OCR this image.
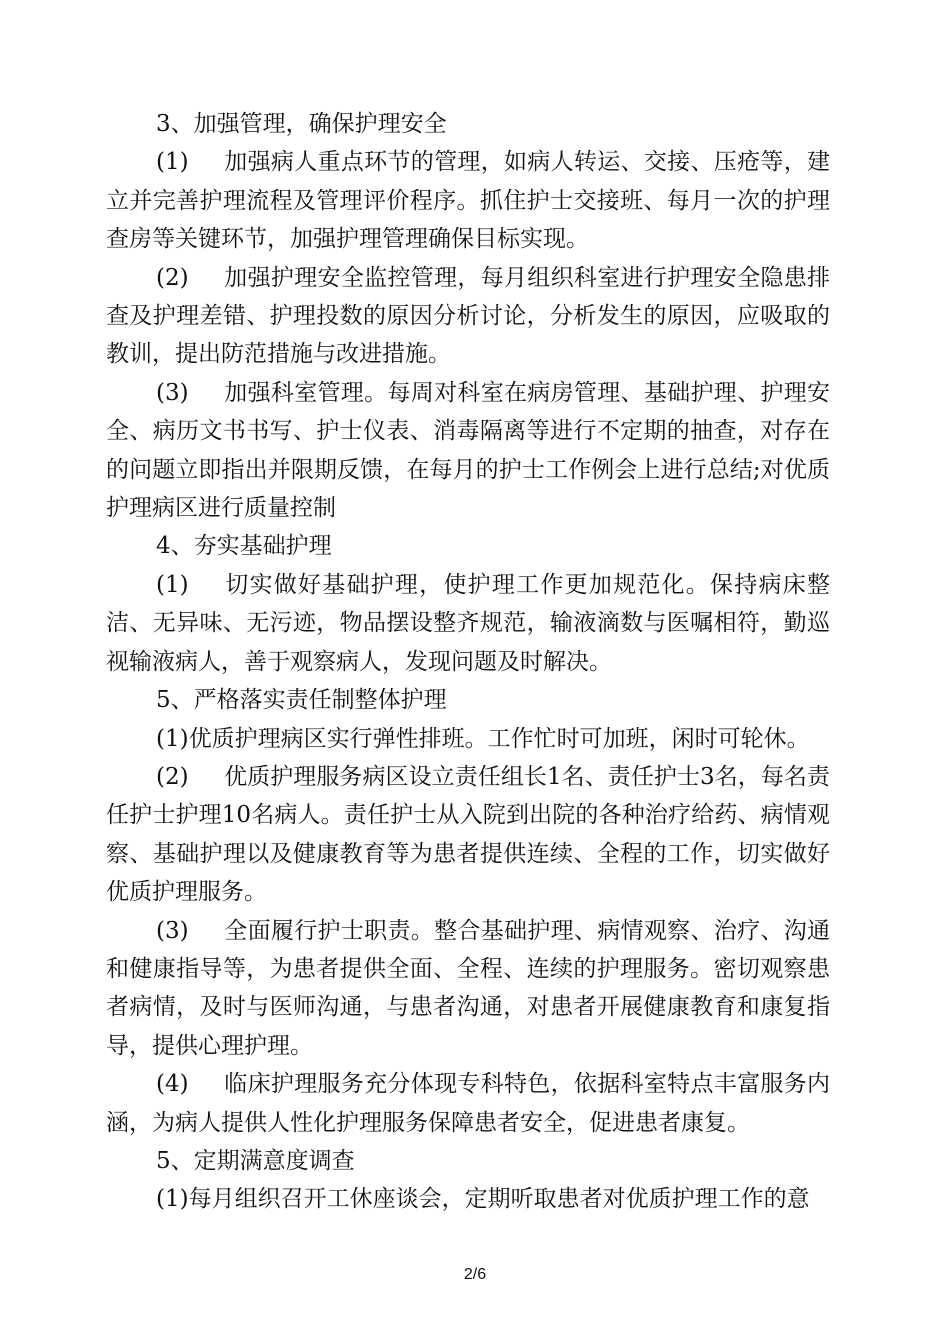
3、加强管理，确保护理安全

(1) 加强病人重点环节的管理，如病人转运、交接、压疮等，建立并完善护理流程及管理评价程序。抓住护士交接班、每月一次的护理查房等关键环节，加强护理管理确保目标实现。

(2) 加强护理安全监控管理，每月组织科室进行护理安全隐患排查及护理差错、护理投数的原因分析讨论，分析发生的原因，应吸取的教训，提出防范措施与改进措施。

(3) 加强科室管理。每周对科室在病房管理、基础护理、护理安全、病历文书书写、护士仪表、消毒隔离等进行不定期的抽查，对存在的问题立即指出并限期反馈，在每月的护士工作例会上进行总结;对优质护理病区进行质量控制

4、夯实基础护理

(1) 切实做好基础护理，使护理工作更加规范化。保持病床整洁、无异味、无污迹，物品摆设整齐规范，输液滴数与医嘱相符，勤巡视输液病人，善于观察病人，发现问题及时解决。

5、严格落实责任制整体护理

(1)优质护理病区实行弹性排班。工作忙时可加班，闲时可轮休。

(2) 优质护理服务病区设立责任组长1名、责任护士3名，每名责任护士护理10名病人。责任护士从入院到出院的各种治疗给药、病情观察、基础护理以及健康教育等为患者提供连续、全程的工作，切实做好优质护理服务。

(3) 全面履行护士职责。整合基础护理、病情观察、治疗、沟通和健康指导等，为患者提供全面、全程、连续的护理服务。密切观察患者病情，及时与医师沟通，与患者沟通，对患者开展健康教育和康复指导，提供心理护理。

(4) 临床护理服务充分体现专科特色，依据科室特点丰富服务内涵，为病人提供人性化护理服务保障患者安全，促进患者康复。

5、定期满意度调查

(1)每月组织召开工休座谈会，定期听取患者对优质护理工作的意

2/6
